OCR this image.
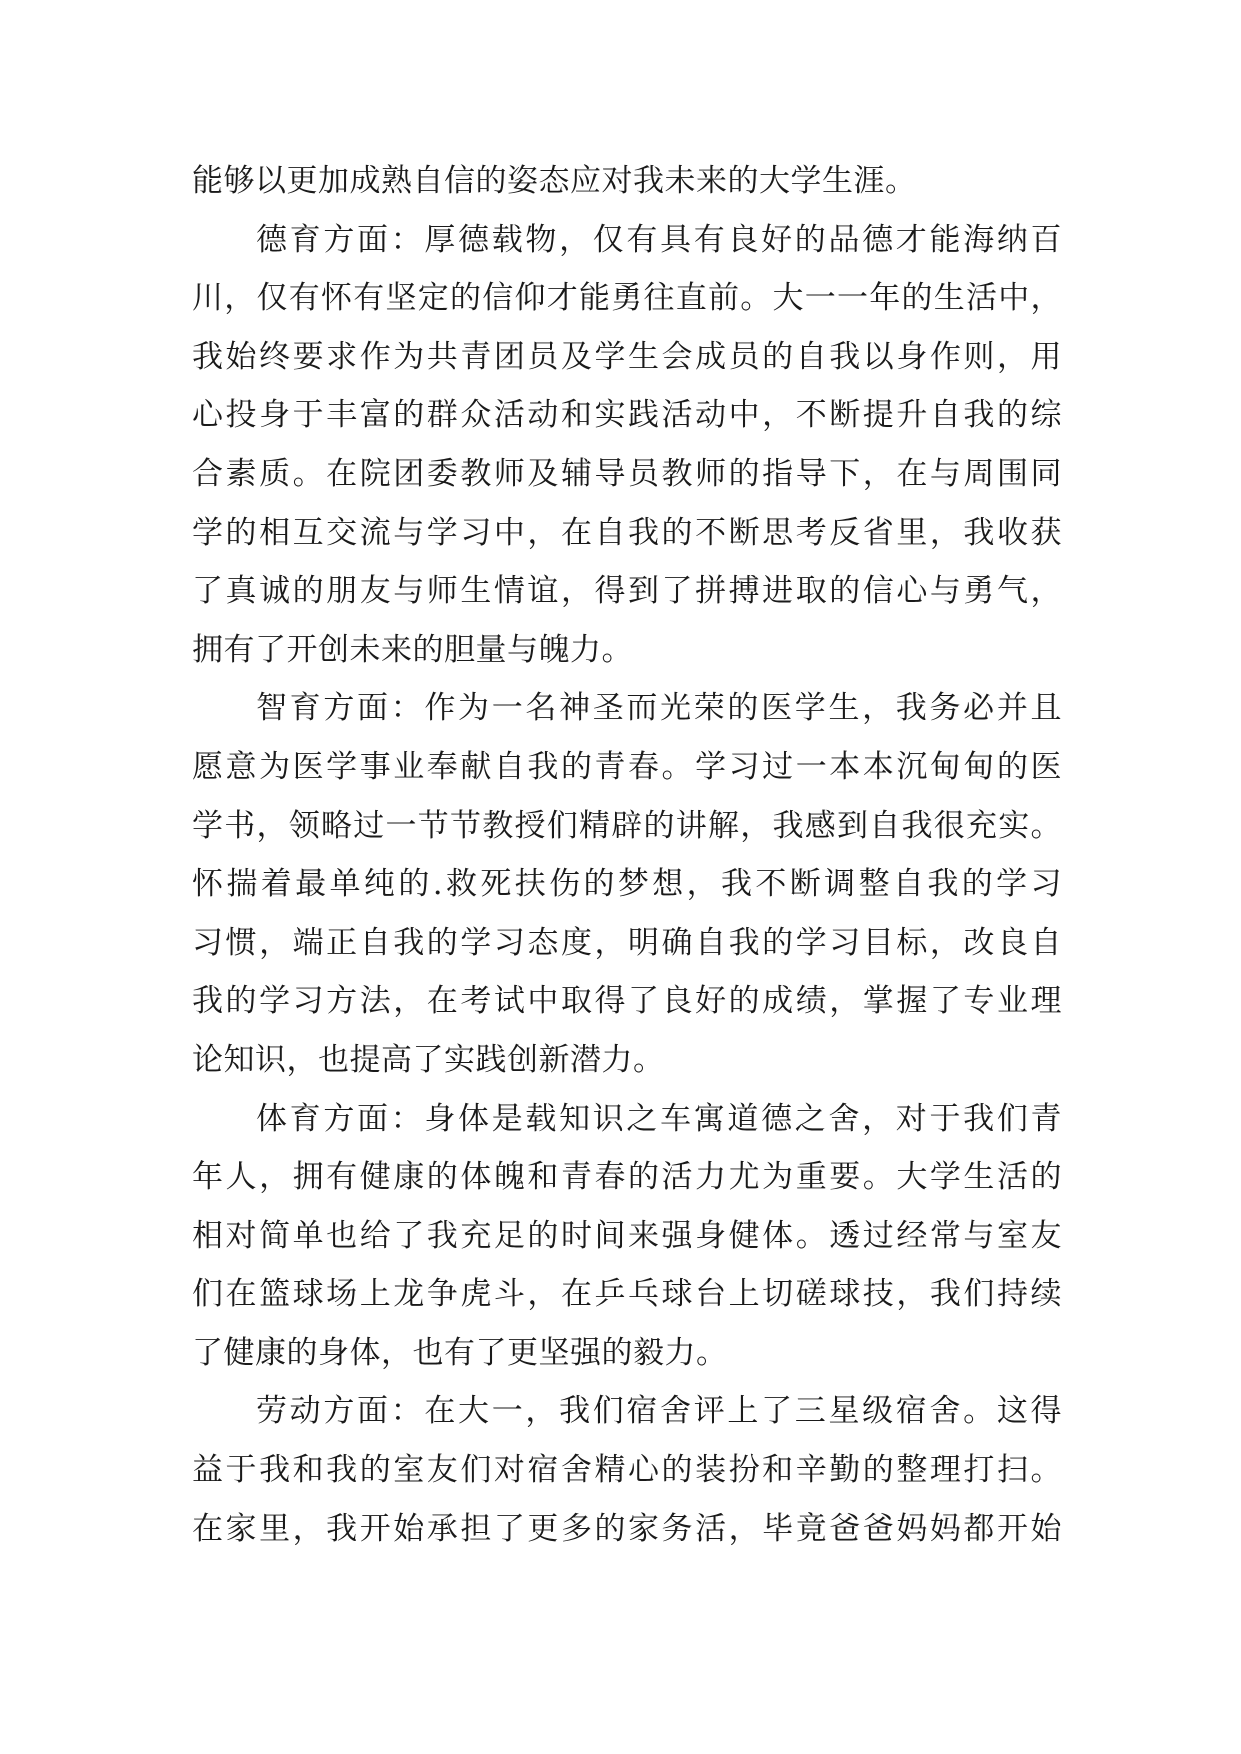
能够以更加成熟自信的姿态应对我未来的大学生涯。
德育方面：厚德载物，仅有具有良好的品德才能海纳百
川，仅有怀有坚定的信仰才能勇往直前。大一一年的生活中，
我始终要求作为共青团员及学生会成员的自我以身作则，用
心投身于丰富的群众活动和实践活动中，不断提升自我的综
合素质。在院团委教师及辅导员教师的指导下，在与周围同
学的相互交流与学习中，在自我的不断思考反省里，我收获
了真诚的朋友与师生情谊，得到了拼搏进取的信心与勇气，
拥有了开创未来的胆量与魄力。
智育方面：作为一名神圣而光荣的医学生，我务必并且
愿意为医学事业奉献自我的青春。学习过一本本沉甸甸的医
学书，领略过一节节教授们精辟的讲解，我感到自我很充实。
怀揣着最单纯的.救死扶伤的梦想，我不断调整自我的学习
习惯，端正自我的学习态度，明确自我的学习目标，改良自
我的学习方法，在考试中取得了良好的成绩，掌握了专业理
论知识，也提高了实践创新潜力。
体育方面：身体是载知识之车寓道德之舍，对于我们青
年人，拥有健康的体魄和青春的活力尤为重要。大学生活的
相对简单也给了我充足的时间来强身健体。透过经常与室友
们在篮球场上龙争虎斗，在乒乓球台上切磋球技，我们持续
了健康的身体，也有了更坚强的毅力。
劳动方面：在大一，我们宿舍评上了三星级宿舍。这得
益于我和我的室友们对宿舍精心的装扮和辛勤的整理打扫。
在家里，我开始承担了更多的家务活，毕竟爸爸妈妈都开始
